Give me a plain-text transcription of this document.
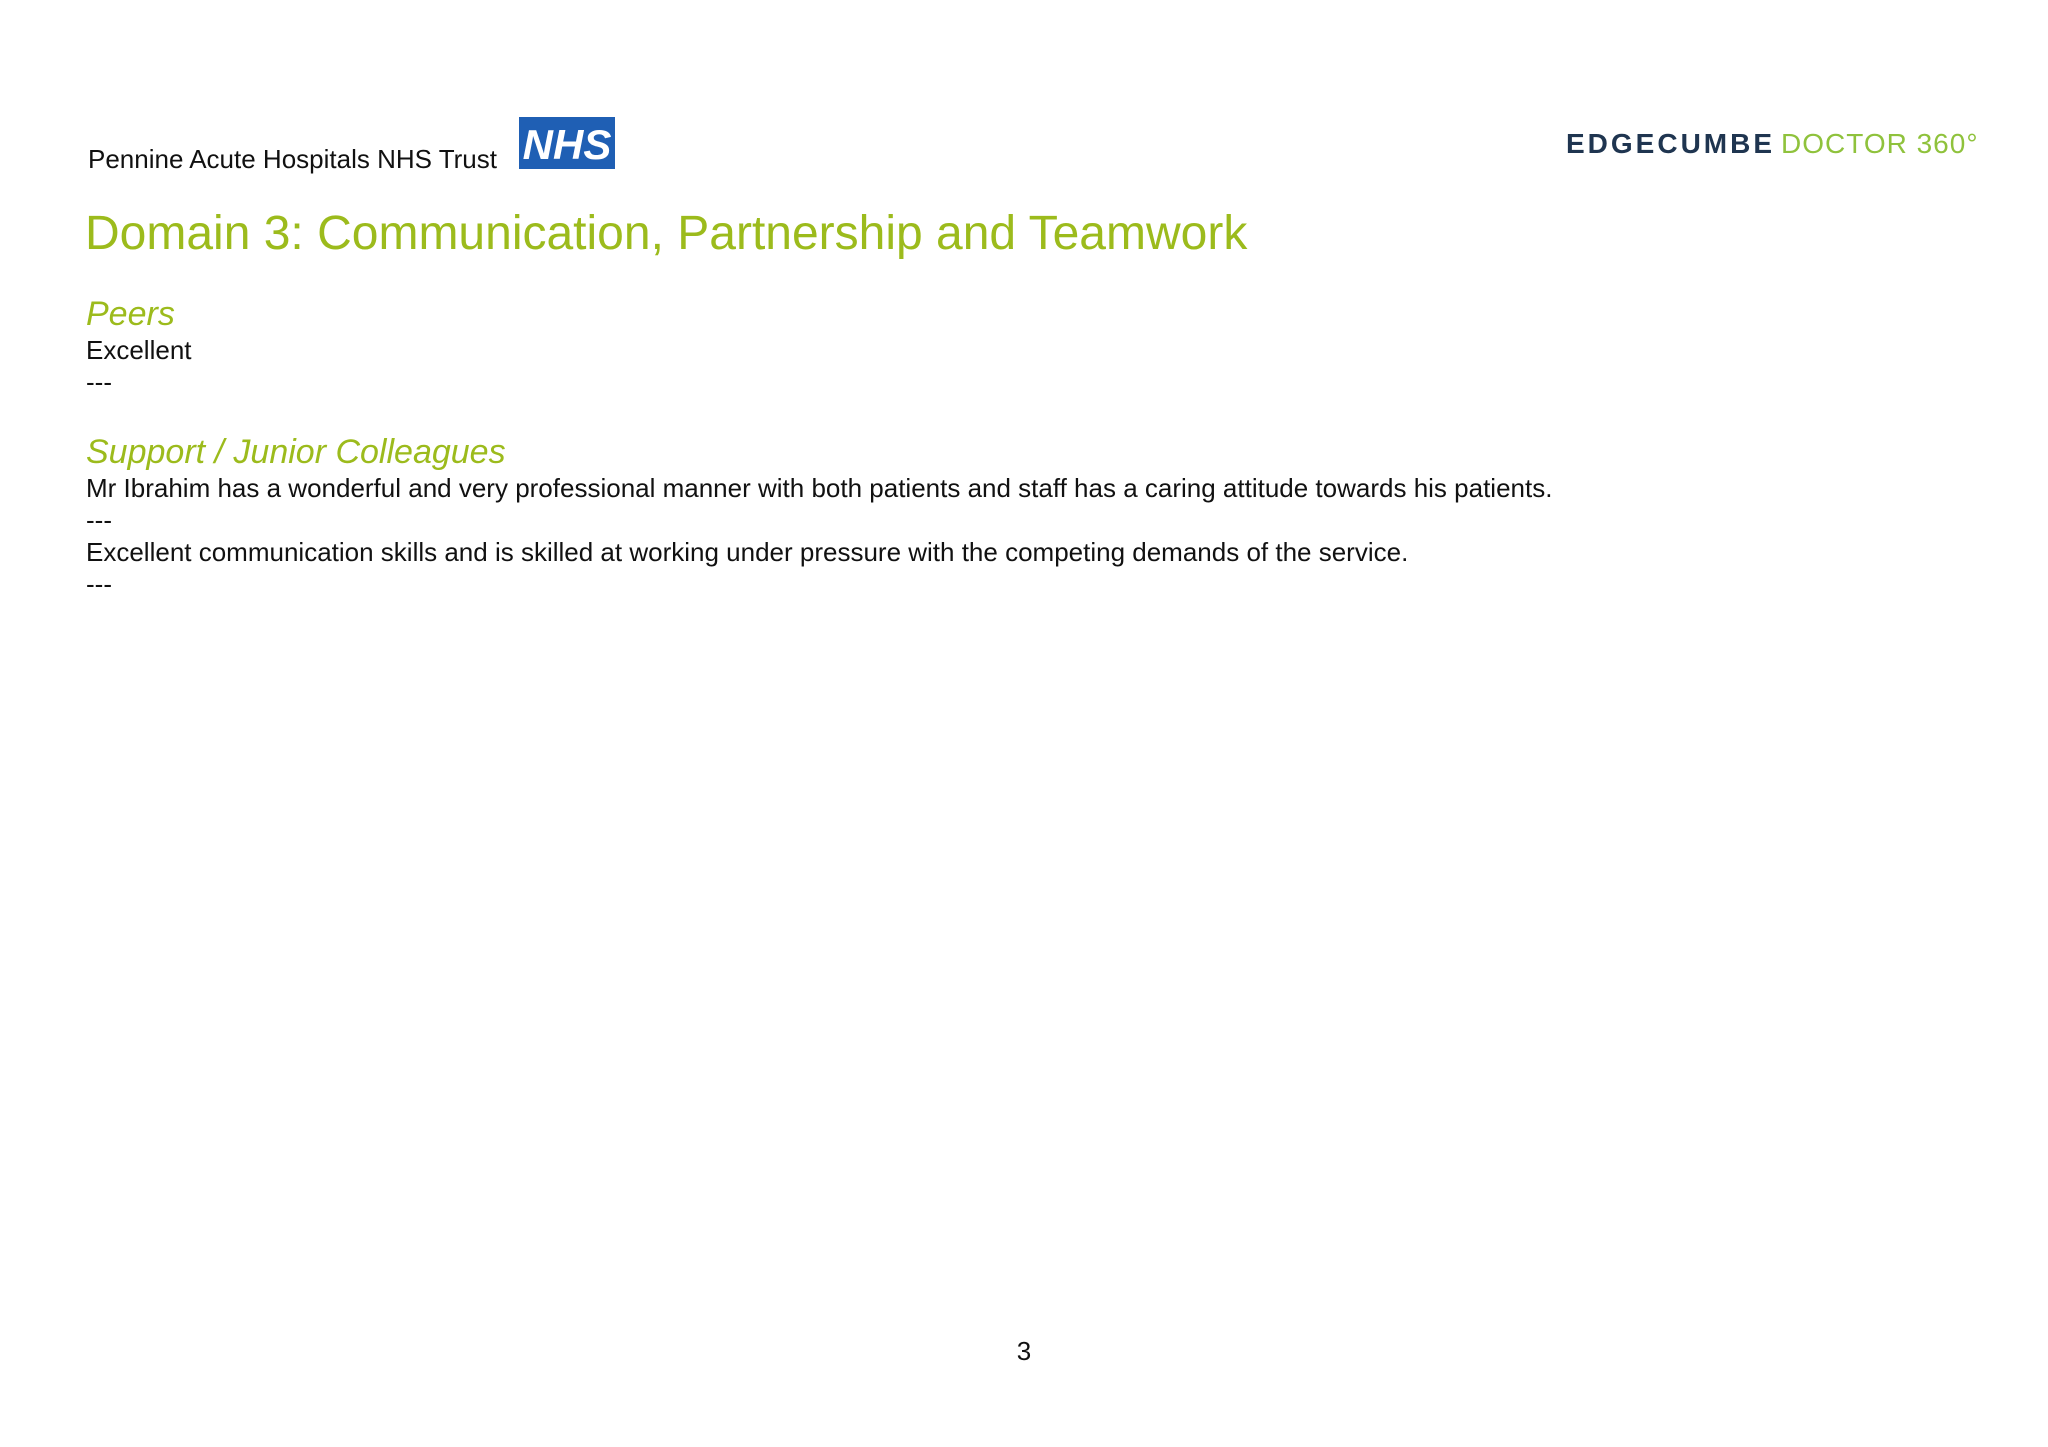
Pennine Acute Hospitals NHS Trust NHS	EDGECUMBE DOCTOR 360°
Domain 3: Communication, Partnership and Teamwork
Peers
Excellent
---
Support / Junior Colleagues
Mr Ibrahim has a wonderful and very professional manner with both patients and staff has a caring attitude towards his patients.
---
Excellent communication skills and is skilled at working under pressure with the competing demands of the service.
---
3
